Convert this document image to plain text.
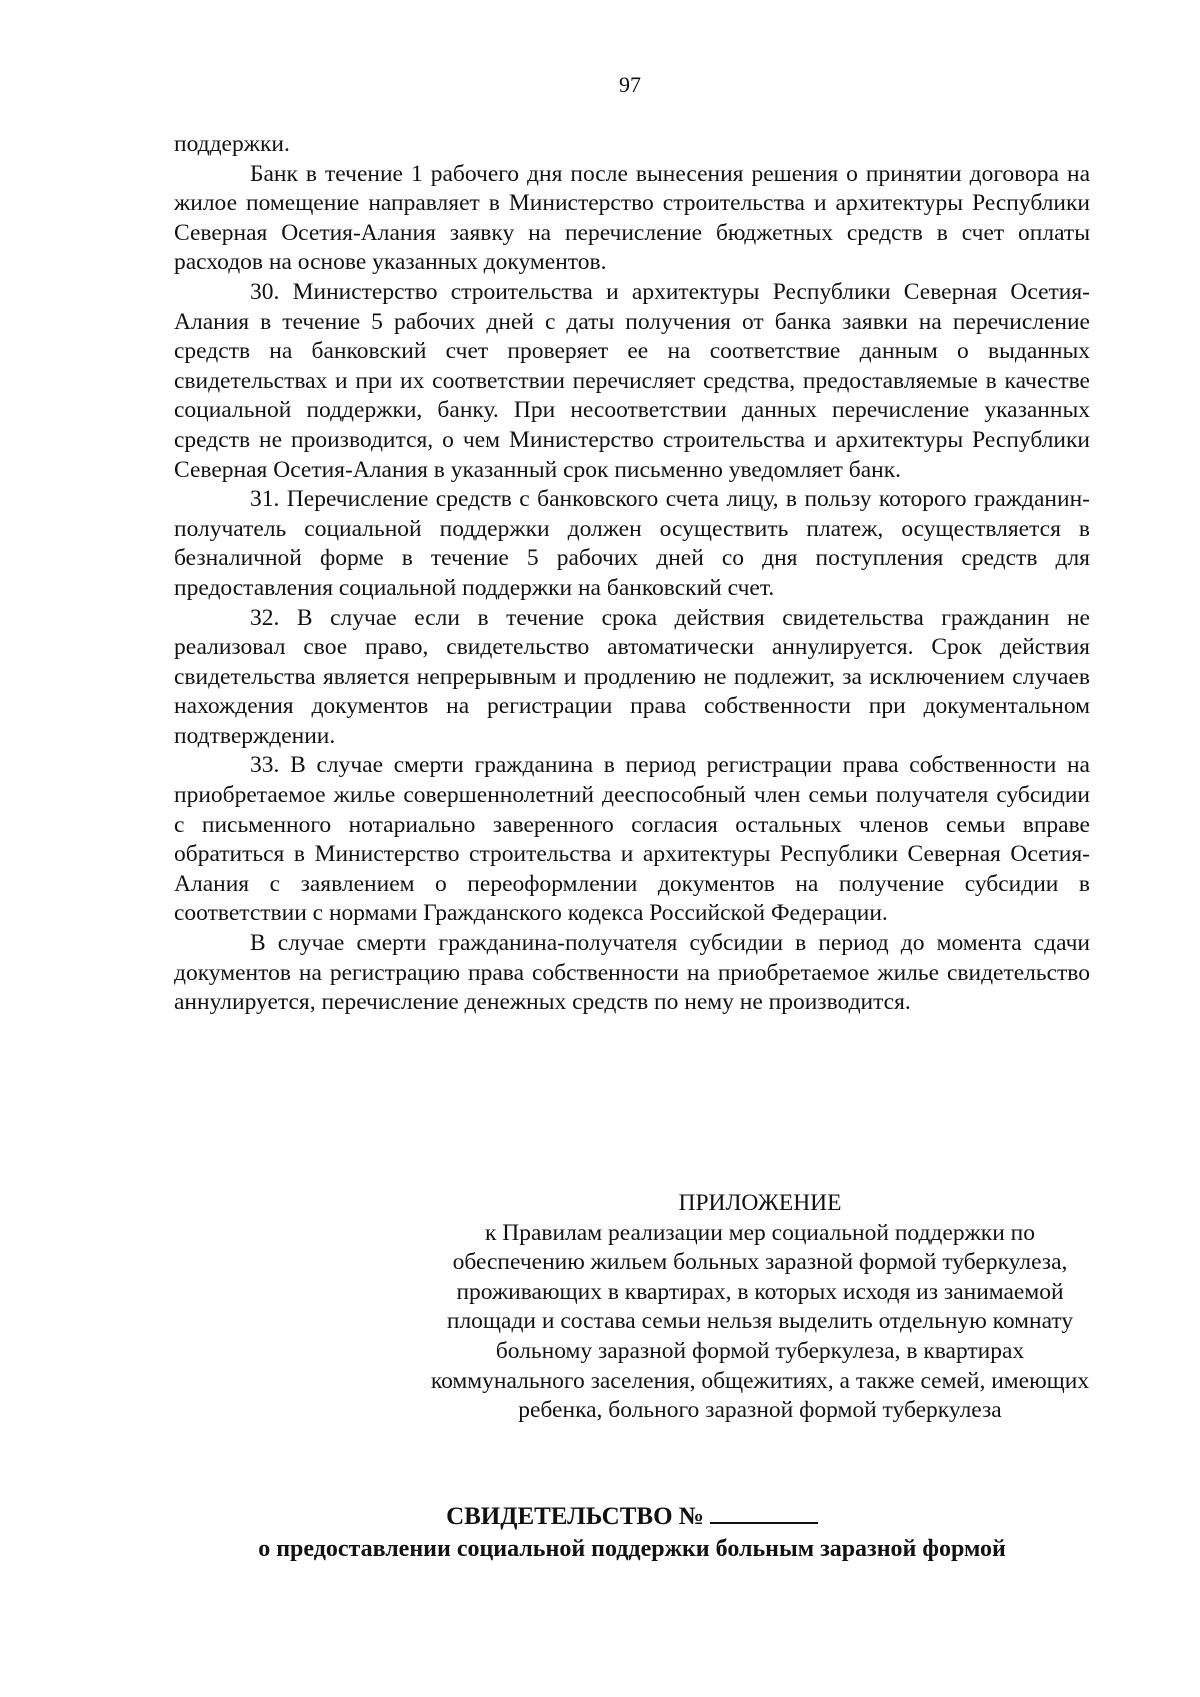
97

поддержки.

Банк в течение 1 рабочего дня после вынесения решения о принятии договора на жилое помещение направляет в Министерство строительства и архитектуры Республики Северная Осетия-Алания заявку на перечисление бюджетных средств в счет оплаты расходов на основе указанных документов.

30. Министерство строительства и архитектуры Республики Северная Осетия-Алания в течение 5 рабочих дней с даты получения от банка заявки на перечисление средств на банковский счет проверяет ее на соответствие данным о выданных свидетельствах и при их соответствии перечисляет средства, предоставляемые в качестве социальной поддержки, банку. При несоответствии данных перечисление указанных средств не производится, о чем Министерство строительства и архитектуры Республики Северная Осетия-Алания в указанный срок письменно уведомляет банк.

31. Перечисление средств с банковского счета лицу, в пользу которого гражданин-получатель социальной поддержки должен осуществить платеж, осуществляется в безналичной форме в течение 5 рабочих дней со дня поступления средств для предоставления социальной поддержки на банковский счет.

32. В случае если в течение срока действия свидетельства гражданин не реализовал свое право, свидетельство автоматически аннулируется. Срок действия свидетельства является непрерывным и продлению не подлежит, за исключением случаев нахождения документов на регистрации права собственности при документальном подтверждении.

33. В случае смерти гражданина в период регистрации права собственности на приобретаемое жилье совершеннолетний дееспособный член семьи получателя субсидии с письменного нотариально заверенного согласия остальных членов семьи вправе обратиться в Министерство строительства и архитектуры Республики Северная Осетия-Алания с заявлением о переоформлении документов на получение субсидии в соответствии с нормами Гражданского кодекса Российской Федерации.

В случае смерти гражданина-получателя субсидии в период до момента сдачи документов на регистрацию права собственности на приобретаемое жилье свидетельство аннулируется, перечисление денежных средств по нему не производится.

ПРИЛОЖЕНИЕ

к Правилам реализации мер социальной поддержки по обеспечению жильем больных заразной формой туберкулеза, проживающих в квартирах, в которых исходя из занимаемой площади и состава семьи нельзя выделить отдельную комнату больному заразной формой туберкулеза, в квартирах коммунального заселения, общежитиях, а также семей, имеющих ребенка, больного заразной формой туберкулеза

СВИДЕТЕЛЬСТВО №

о предоставлении социальной поддержки больным заразной формой
